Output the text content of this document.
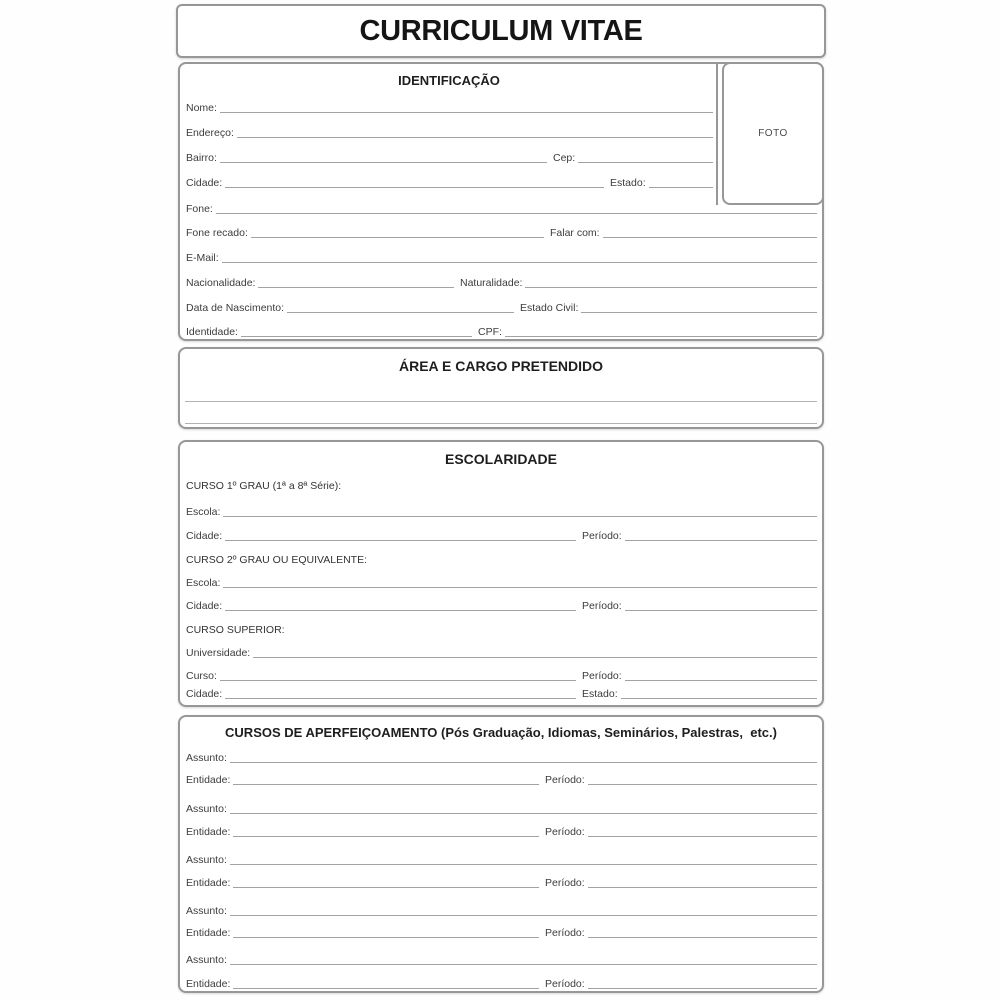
CURRICULUM VITAE
IDENTIFICAÇÃO
FOTO
Nome:
Endereço:
Bairro:	Cep:
Cidade:	Estado:
Fone:
Fone recado:	Falar com:
E-Mail:
Nacionalidade:	Naturalidade:
Data de Nascimento:	Estado Civil:
Identidade:	CPF:
ÁREA E CARGO PRETENDIDO
ESCOLARIDADE
CURSO 1º GRAU (1ª a 8ª Série):
Escola:
Cidade:	Período:
CURSO 2º GRAU OU EQUIVALENTE:
Escola:
Cidade:	Período:
CURSO SUPERIOR:
Universidade:
Curso:	Período:
Cidade:	Estado:
CURSOS DE APERFEIÇOAMENTO (Pós Graduação, Idiomas, Seminários, Palestras,  etc.)
Assunto:
Entidade:	Período:
Assunto:
Entidade:	Período:
Assunto:
Entidade:	Período:
Assunto:
Entidade:	Período:
Assunto:
Entidade:	Período:
